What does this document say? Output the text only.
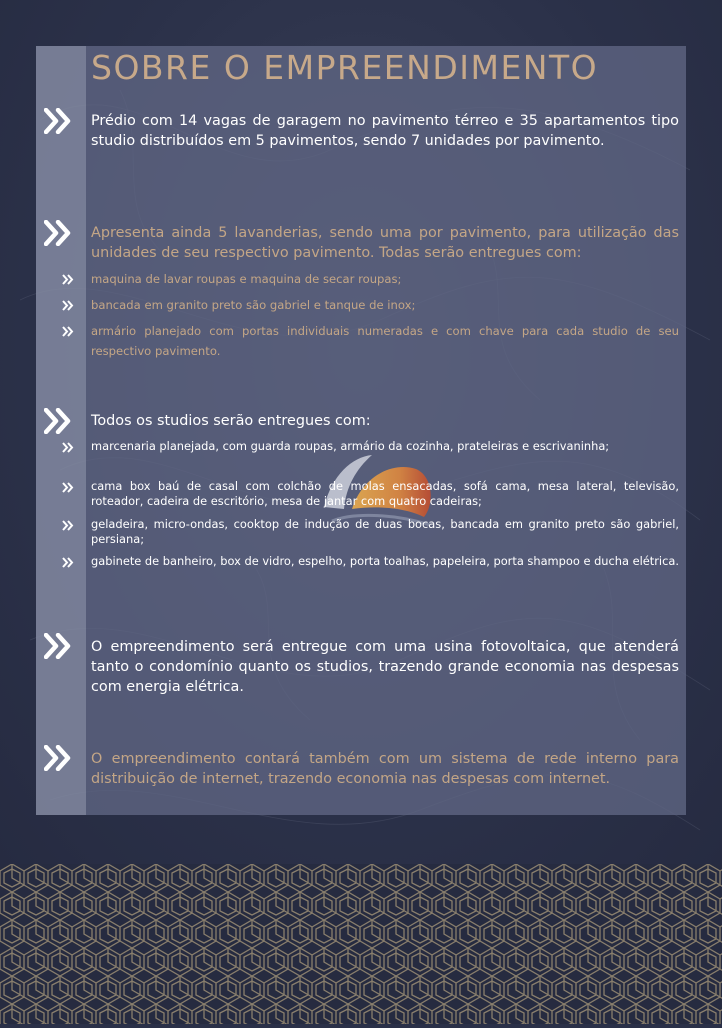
SOBRE O EMPREENDIMENTO

Prédio com 14 vagas de garagem no pavimento térreo e 35 apartamentos tipo studio distribuídos em 5 pavimentos, sendo 7 unidades por pavimento.

Apresenta ainda 5 lavanderias, sendo uma por pavimento, para utilização das unidades de seu respectivo pavimento. Todas serão entregues com:

maquina de lavar roupas e maquina de secar roupas;

bancada em granito preto são gabriel e tanque de inox;

armário planejado com portas individuais numeradas e com chave para cada studio de seu respectivo pavimento.

Todos os studios serão entregues com:

marcenaria planejada, com guarda roupas, armário da cozinha, prateleiras e escrivaninha;

cama box baú de casal com colchão de molas ensacadas, sofá cama, mesa lateral, televisão, roteador, cadeira de escritório, mesa de jantar com quatro cadeiras;

geladeira, micro-ondas, cooktop de indução de duas bocas, bancada em granito preto são gabriel, persiana;

gabinete de banheiro, box de vidro, espelho, porta toalhas, papeleira, porta shampoo e ducha elétrica.

O empreendimento será entregue com uma usina fotovoltaica, que atenderá tanto o condomínio quanto os studios, trazendo grande economia nas despesas com energia elétrica.

O empreendimento contará também com um sistema de rede interno para distribuição de internet, trazendo economia nas despesas com internet.
